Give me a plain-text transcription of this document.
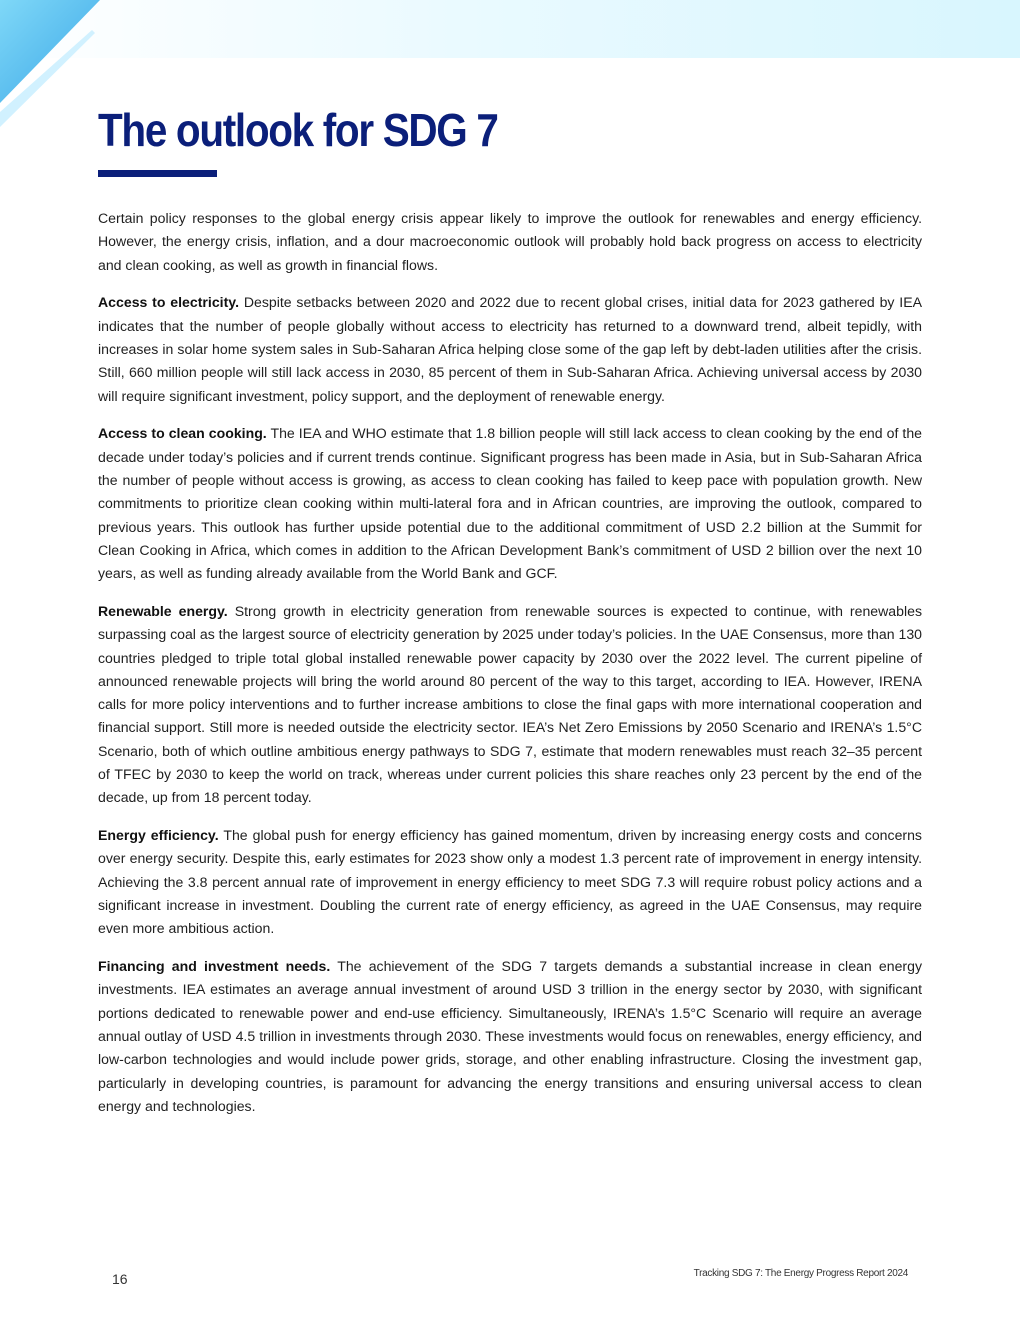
The outlook for SDG 7

Certain policy responses to the global energy crisis appear likely to improve the outlook for renewables and energy efficiency. However, the energy crisis, inflation, and a dour macroeconomic outlook will probably hold back progress on access to electricity and clean cooking, as well as growth in financial flows.

Access to electricity. Despite setbacks between 2020 and 2022 due to recent global crises, initial data for 2023 gathered by IEA indicates that the number of people globally without access to electricity has returned to a downward trend, albeit tepidly, with increases in solar home system sales in Sub-Saharan Africa helping close some of the gap left by debt-laden utilities after the crisis. Still, 660 million people will still lack access in 2030, 85 percent of them in Sub-Saharan Africa. Achieving universal access by 2030 will require significant investment, policy support, and the deployment of renewable energy.

Access to clean cooking. The IEA and WHO estimate that 1.8 billion people will still lack access to clean cooking by the end of the decade under today’s policies and if current trends continue. Significant progress has been made in Asia, but in Sub-Saharan Africa the number of people without access is growing, as access to clean cooking has failed to keep pace with population growth. New commitments to prioritize clean cooking within multi-lateral fora and in African countries, are improving the outlook, compared to previous years. This outlook has further upside potential due to the additional commitment of USD 2.2 billion at the Summit for Clean Cooking in Africa, which comes in addition to the African Development Bank’s commitment of USD 2 billion over the next 10 years, as well as funding already available from the World Bank and GCF.

Renewable energy. Strong growth in electricity generation from renewable sources is expected to continue, with renewables surpassing coal as the largest source of electricity generation by 2025 under today’s policies. In the UAE Consensus, more than 130 countries pledged to triple total global installed renewable power capacity by 2030 over the 2022 level. The current pipeline of announced renewable projects will bring the world around 80 percent of the way to this target, according to IEA. However, IRENA calls for more policy interventions and to further increase ambitions to close the final gaps with more international cooperation and financial support. Still more is needed outside the electricity sector. IEA’s Net Zero Emissions by 2050 Scenario and IRENA’s 1.5°C Scenario, both of which outline ambitious energy pathways to SDG 7, estimate that modern renewables must reach 32–35 percent of TFEC by 2030 to keep the world on track, whereas under current policies this share reaches only 23 percent by the end of the decade, up from 18 percent today.

Energy efficiency. The global push for energy efficiency has gained momentum, driven by increasing energy costs and concerns over energy security. Despite this, early estimates for 2023 show only a modest 1.3 percent rate of improvement in energy intensity. Achieving the 3.8 percent annual rate of improvement in energy efficiency to meet SDG 7.3 will require robust policy actions and a significant increase in investment. Doubling the current rate of energy efficiency, as agreed in the UAE Consensus, may require even more ambitious action.

Financing and investment needs. The achievement of the SDG 7 targets demands a substantial increase in clean energy investments. IEA estimates an average annual investment of around USD 3 trillion in the energy sector by 2030, with significant portions dedicated to renewable power and end-use efficiency. Simultaneously, IRENA’s 1.5°C Scenario will require an average annual outlay of USD 4.5 trillion in investments through 2030. These investments would focus on renewables, energy efficiency, and low-carbon technologies and would include power grids, storage, and other enabling infrastructure. Closing the investment gap, particularly in developing countries, is paramount for advancing the energy transitions and ensuring universal access to clean energy and technologies.

16	Tracking SDG 7: The Energy Progress Report 2024
